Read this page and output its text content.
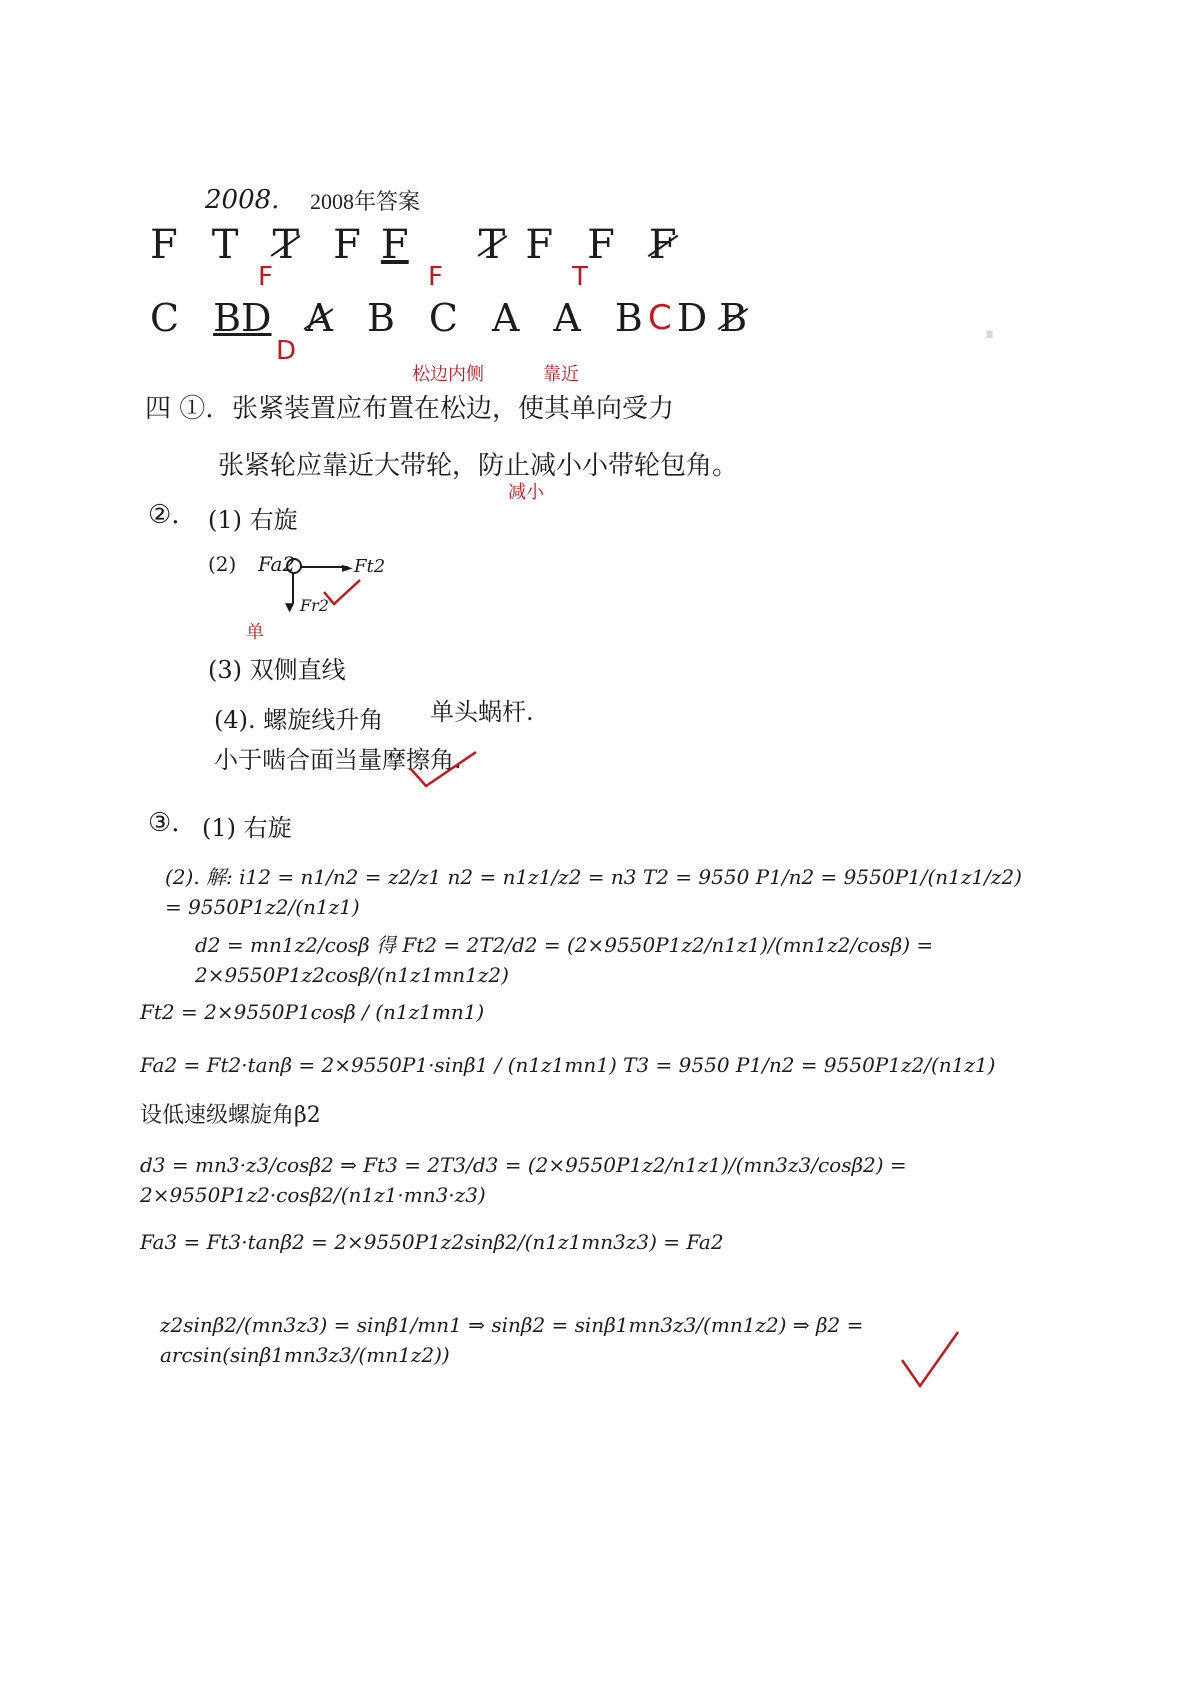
·
2008. 2008年答案
F T T F F T F F F
F	F	T
C BD A B C A A B D B
D
C
松边内侧	靠近
四 ①. 张紧装置应布置在松边，使其单向受力
张紧轮应靠近大带轮，防止减小小带轮包角。
减小
②. (1) 右旋
(2) Fa2	► Ft2
▼ Fr2
单
(3) 双侧直线
(4). 螺旋线升角 单头蜗杆.
小于啮合面当量摩擦角.
③. (1) 右旋
(2). 解: i12 = n1/n2 = z2/z1 n2 = n1z1/z2 = n3 T2 = 9550 P1/n2 = 9550P1/(n1z1/z2) = 9550P1z2/(n1z1)
d2 = mn1z2/cosβ 得 Ft2 = 2T2/d2 = (2×9550P1z2/n1z1)/(mn1z2/cosβ) = 2×9550P1z2cosβ/(n1z1mn1z2)
Ft2 = 2×9550P1cosβ / (n1z1mn1)
Fa2 = Ft2·tanβ = 2×9550P1·sinβ1 / (n1z1mn1) T3 = 9550 P1/n2 = 9550P1z2/(n1z1)
设低速级螺旋角β2
d3 = mn3·z3/cosβ2 ⇒ Ft3 = 2T3/d3 = (2×9550P1z2/n1z1)/(mn3z3/cosβ2) = 2×9550P1z2·cosβ2/(n1z1·mn3·z3)
Fa3 = Ft3·tanβ2 = 2×9550P1z2sinβ2/(n1z1mn3z3) = Fa2
z2sinβ2/(mn3z3) = sinβ1/mn1 ⇒ sinβ2 = sinβ1mn3z3/(mn1z2) ⇒ β2 = arcsin(sinβ1mn3z3/(mn1z2))
